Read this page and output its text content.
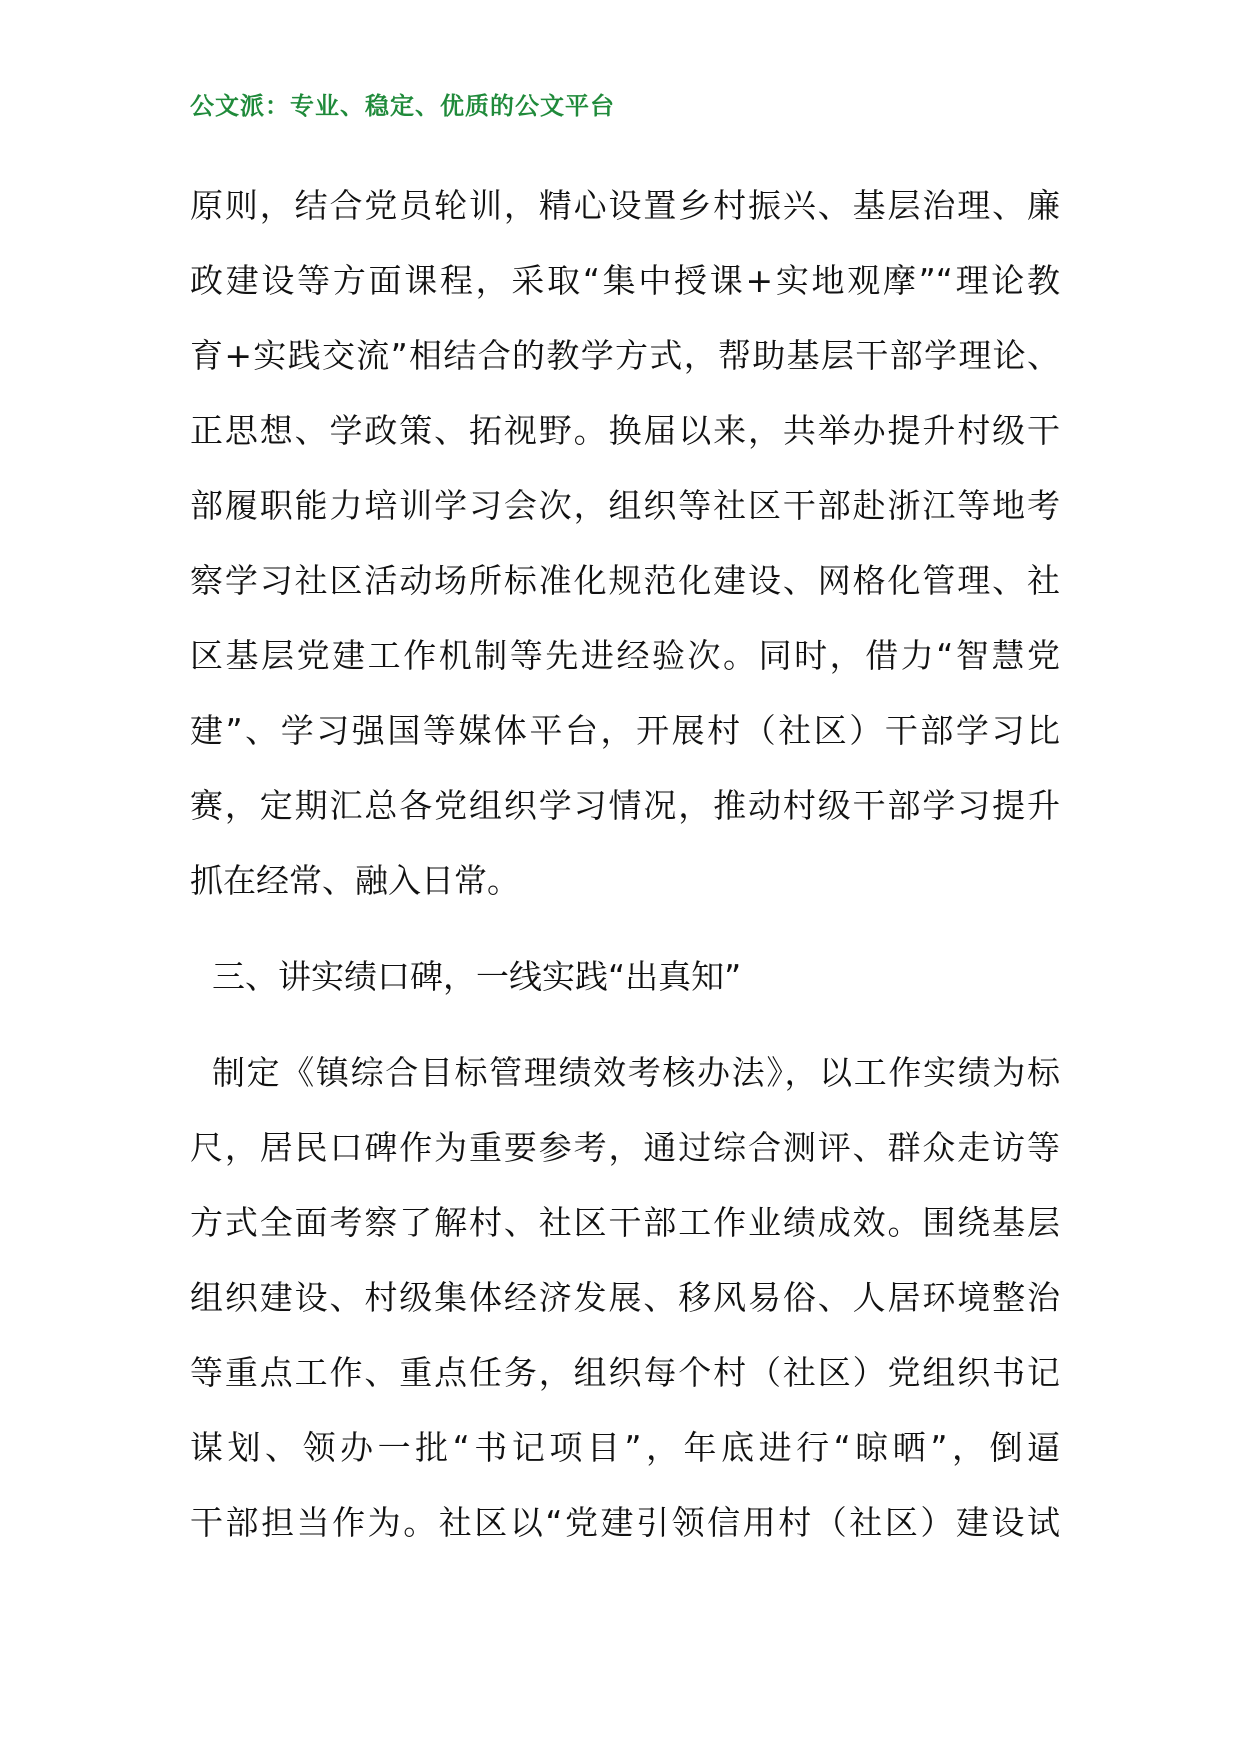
公文派：专业、稳定、优质的公文平台
原则，结合党员轮训，精心设置乡村振兴、基层治理、廉
政建设等方面课程，采取“集中授课+实地观摩”“理论教
育+实践交流”相结合的教学方式，帮助基层干部学理论、
正思想、学政策、拓视野。换届以来，共举办提升村级干
部履职能力培训学习会次，组织等社区干部赴浙江等地考
察学习社区活动场所标准化规范化建设、网格化管理、社
区基层党建工作机制等先进经验次。同时，借力“智慧党
建”、学习强国等媒体平台，开展村（社区）干部学习比
赛，定期汇总各党组织学习情况，推动村级干部学习提升
抓在经常、融入日常。
三、讲实绩口碑，一线实践“出真知”
制定《镇综合目标管理绩效考核办法》，以工作实绩为标
尺，居民口碑作为重要参考，通过综合测评、群众走访等
方式全面考察了解村、社区干部工作业绩成效。围绕基层
组织建设、村级集体经济发展、移风易俗、人居环境整治
等重点工作、重点任务，组织每个村（社区）党组织书记
谋划、领办一批“书记项目”，年底进行“晾晒”，倒逼
干部担当作为。社区以“党建引领信用村（社区）建设试
